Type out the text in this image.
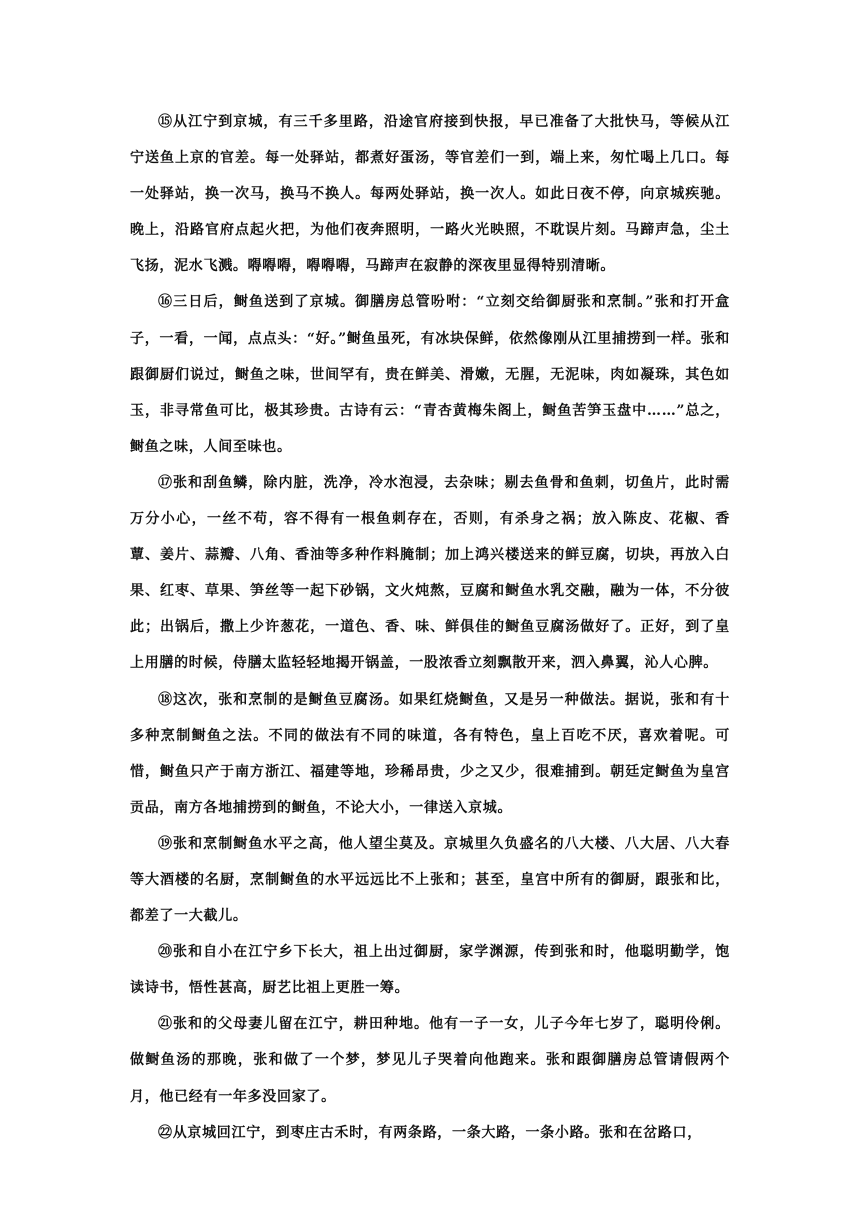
⑮从江宁到京城，有三千多里路，沿途官府接到快报，早已准备了大批快马，等候从江宁送鱼上京的官差。每一处驿站，都煮好蛋汤，等官差们一到，端上来，匆忙喝上几口。每一处驿站，换一次马，换马不换人。每两处驿站，换一次人。如此日夜不停，向京城疾驰。晚上，沿路官府点起火把，为他们夜奔照明，一路火光映照，不耽误片刻。马蹄声急，尘土飞扬，泥水飞溅。嘚嘚嘚，嘚嘚嘚，马蹄声在寂静的深夜里显得特别清晰。

⑯三日后，鲥鱼送到了京城。御膳房总管吩咐：“立刻交给御厨张和烹制。”张和打开盒子，一看，一闻，点点头：“好。”鲥鱼虽死，有冰块保鲜，依然像刚从江里捕捞到一样。张和跟御厨们说过，鲥鱼之味，世间罕有，贵在鲜美、滑嫩，无腥，无泥味，肉如凝珠，其色如玉，非寻常鱼可比，极其珍贵。古诗有云：“青杏黄梅朱阁上，鲥鱼苦笋玉盘中……”总之，鲥鱼之味，人间至味也。

⑰张和刮鱼鳞，除内脏，洗净，冷水泡浸，去杂味；剔去鱼骨和鱼刺，切鱼片，此时需万分小心，一丝不苟，容不得有一根鱼刺存在，否则，有杀身之祸；放入陈皮、花椒、香蕈、姜片、蒜瓣、八角、香油等多种作料腌制；加上鸿兴楼送来的鲜豆腐，切块，再放入白果、红枣、草果、笋丝等一起下砂锅，文火炖熬，豆腐和鲥鱼水乳交融，融为一体，不分彼此；出锅后，撒上少许葱花，一道色、香、味、鲜俱佳的鲥鱼豆腐汤做好了。正好，到了皇上用膳的时候，侍膳太监轻轻地揭开锅盖，一股浓香立刻飘散开来，泗入鼻翼，沁人心脾。

⑱这次，张和烹制的是鲥鱼豆腐汤。如果红烧鲥鱼，又是另一种做法。据说，张和有十多种烹制鲥鱼之法。不同的做法有不同的味道，各有特色，皇上百吃不厌，喜欢着呢。可惜，鲥鱼只产于南方浙江、福建等地，珍稀昂贵，少之又少，很难捕到。朝廷定鲥鱼为皇宫贡品，南方各地捕捞到的鲥鱼，不论大小，一律送入京城。

⑲张和烹制鲥鱼水平之高，他人望尘莫及。京城里久负盛名的八大楼、八大居、八大春等大酒楼的名厨，烹制鲥鱼的水平远远比不上张和；甚至，皇宫中所有的御厨，跟张和比，都差了一大截儿。

⑳张和自小在江宁乡下长大，祖上出过御厨，家学渊源，传到张和时，他聪明勤学，饱读诗书，悟性甚高，厨艺比祖上更胜一筹。

㉑张和的父母妻儿留在江宁，耕田种地。他有一子一女，儿子今年七岁了，聪明伶俐。做鲥鱼汤的那晚，张和做了一个梦，梦见儿子哭着向他跑来。张和跟御膳房总管请假两个月，他已经有一年多没回家了。

㉒从京城回江宁，到枣庄古禾时，有两条路，一条大路，一条小路。张和在岔路口，
